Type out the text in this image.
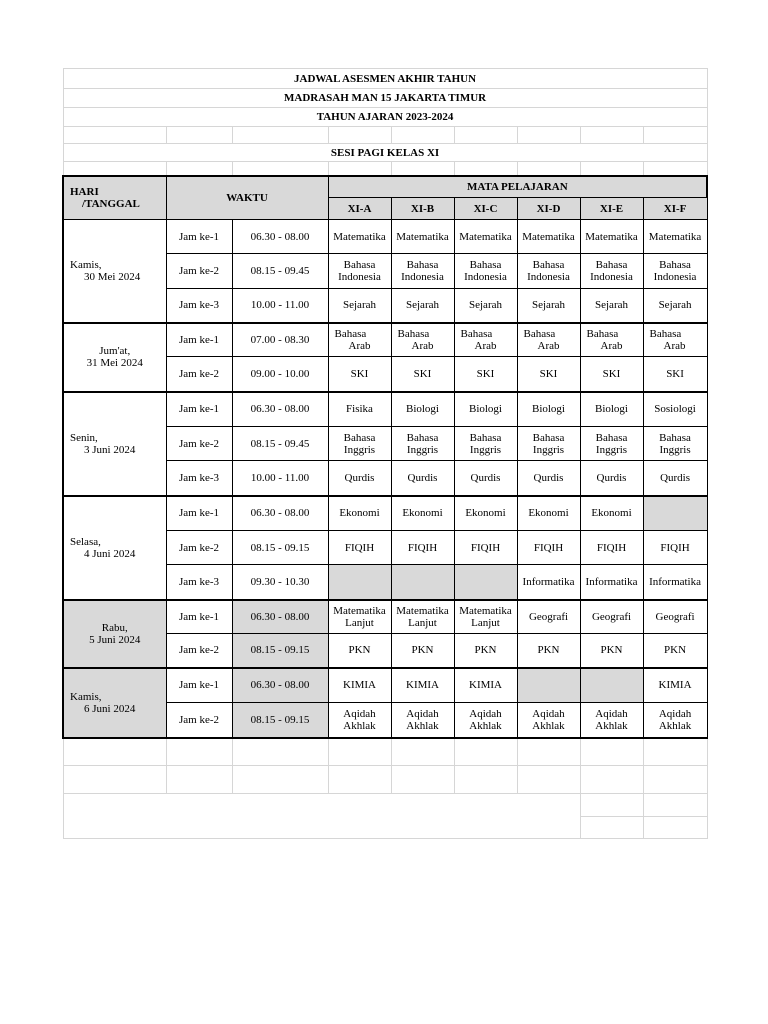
JADWAL ASESMEN AKHIR TAHUN								
MADRASAH MAN 15 JAKARTA TIMUR								
TAHUN AJARAN 2023-2024								

SESI PAGI KELAS XI								

HARI
/TANGGAL	WAKTU		MATA PELAJARAN					
			XI-A	XI-B	XI-C	XI-D	XI-E	XI-F

Kamis,
30 Mei 2024	Jam ke-1	06.30 - 08.00	Matematika	Matematika	Matematika	Matematika	Matematika	Matematika
	Jam ke-2	08.15 - 09.45	Bahasa
Indonesia	Bahasa
Indonesia	Bahasa
Indonesia	Bahasa
Indonesia	Bahasa
Indonesia	Bahasa
Indonesia

	Jam ke-3	10.00 - 11.00	Sejarah	Sejarah	Sejarah	Sejarah	Sejarah	Sejarah

Jum'at,
31 Mei 2024	Jam ke-1	07.00 - 08.30	Bahasa
Arab	Bahasa
Arab	Bahasa
Arab	Bahasa
Arab	Bahasa
Arab	Bahasa
Arab

	Jam ke-2	09.00 - 10.00	SKI	SKI	SKI	SKI	SKI	SKI

Senin,
3 Juni 2024	Jam ke-1	06.30 - 08.00	Fisika	Biologi	Biologi	Biologi	Biologi	Sosiologi
	Jam ke-2	08.15 - 09.45	Bahasa
Inggris	Bahasa
Inggris	Bahasa
Inggris	Bahasa
Inggris	Bahasa
Inggris	Bahasa
Inggris

	Jam ke-3	10.00 - 11.00	Qurdis	Qurdis	Qurdis	Qurdis	Qurdis	Qurdis

Selasa,
4 Juni 2024	Jam ke-1	06.30 - 08.00	Ekonomi	Ekonomi	Ekonomi	Ekonomi	Ekonomi	
	Jam ke-2	08.15 - 09.15	FIQIH	FIQIH	FIQIH	FIQIH	FIQIH	FIQIH
	Jam ke-3	09.30 - 10.30				Informatika	Informatika	Informatika

Rabu,
5 Juni 2024	Jam ke-1	06.30 - 08.00	Matematika
Lanjut	Matematika
Lanjut	Matematika
Lanjut	Geografi	Geografi	Geografi
	Jam ke-2	08.15 - 09.15	PKN	PKN	PKN	PKN	PKN	PKN

Kamis,
6 Juni 2024	Jam ke-1	06.30 - 08.00	KIMIA	KIMIA	KIMIA			KIMIA
	Jam ke-2	08.15 - 09.15	Aqidah
Akhlak	Aqidah
Akhlak	Aqidah
Akhlak	Aqidah
Akhlak	Aqidah
Akhlak	Aqidah
Akhlak
